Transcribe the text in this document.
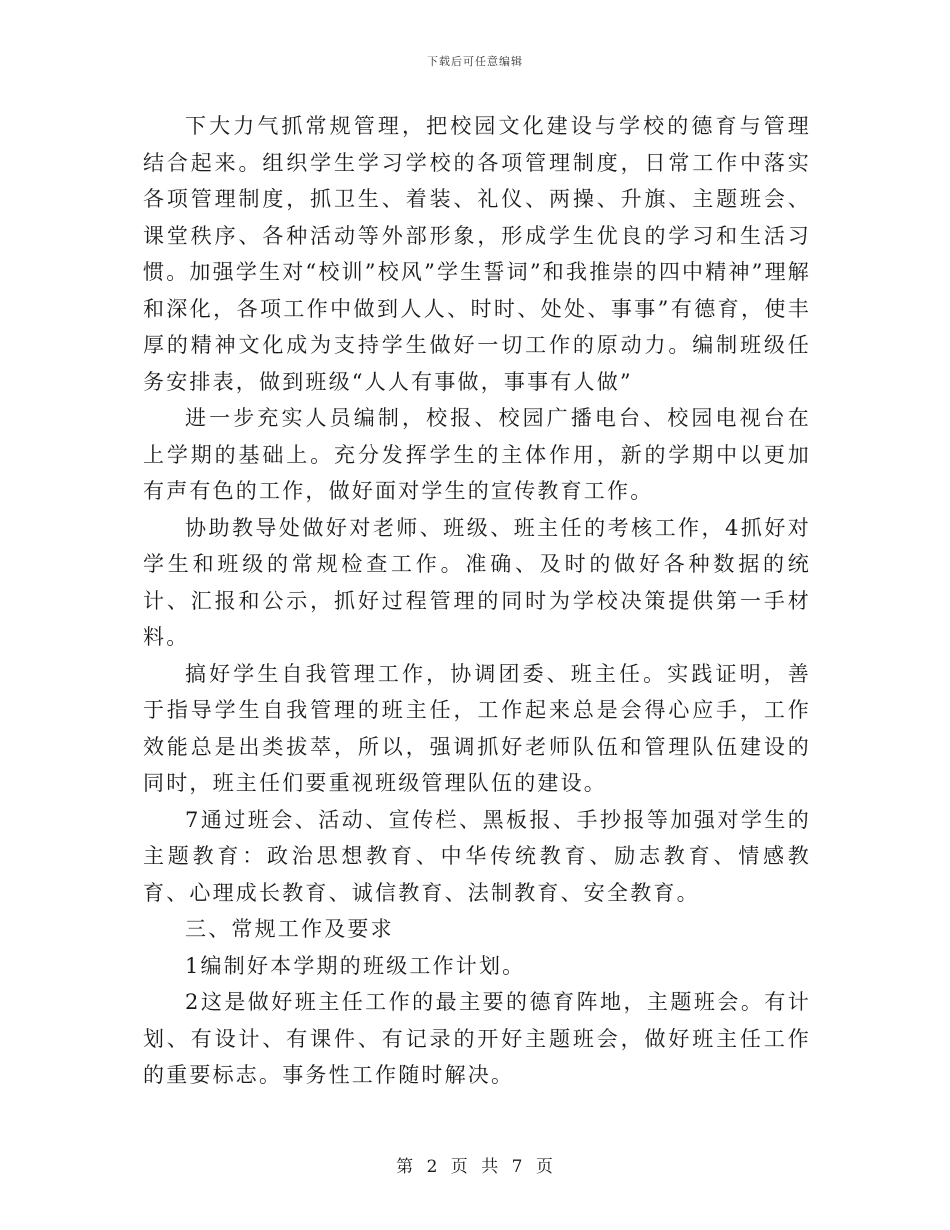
下载后可任意编辑

下大力气抓常规管理，把校园文化建设与学校的德育与管理结合起来。组织学生学习学校的各项管理制度，日常工作中落实各项管理制度，抓卫生、着装、礼仪、两操、升旗、主题班会、课堂秩序、各种活动等外部形象，形成学生优良的学习和生活习惯。加强学生对“校训”校风”学生誓词”和我推崇的四中精神”理解和深化，各项工作中做到人人、时时、处处、事事”有德育，使丰厚的精神文化成为支持学生做好一切工作的原动力。编制班级任务安排表，做到班级“人人有事做，事事有人做”

进一步充实人员编制，校报、校园广播电台、校园电视台在上学期的基础上。充分发挥学生的主体作用，新的学期中以更加有声有色的工作，做好面对学生的宣传教育工作。

协助教导处做好对老师、班级、班主任的考核工作，4抓好对学生和班级的常规检查工作。准确、及时的做好各种数据的统计、汇报和公示，抓好过程管理的同时为学校决策提供第一手材料。

搞好学生自我管理工作，协调团委、班主任。实践证明，善于指导学生自我管理的班主任，工作起来总是会得心应手，工作效能总是出类拔萃，所以，强调抓好老师队伍和管理队伍建设的同时，班主任们要重视班级管理队伍的建设。

7通过班会、活动、宣传栏、黑板报、手抄报等加强对学生的主题教育：政治思想教育、中华传统教育、励志教育、情感教育、心理成长教育、诚信教育、法制教育、安全教育。

三、常规工作及要求

1编制好本学期的班级工作计划。

2这是做好班主任工作的最主要的德育阵地，主题班会。有计划、有设计、有课件、有记录的开好主题班会，做好班主任工作的重要标志。事务性工作随时解决。

第 2 页 共 7 页
